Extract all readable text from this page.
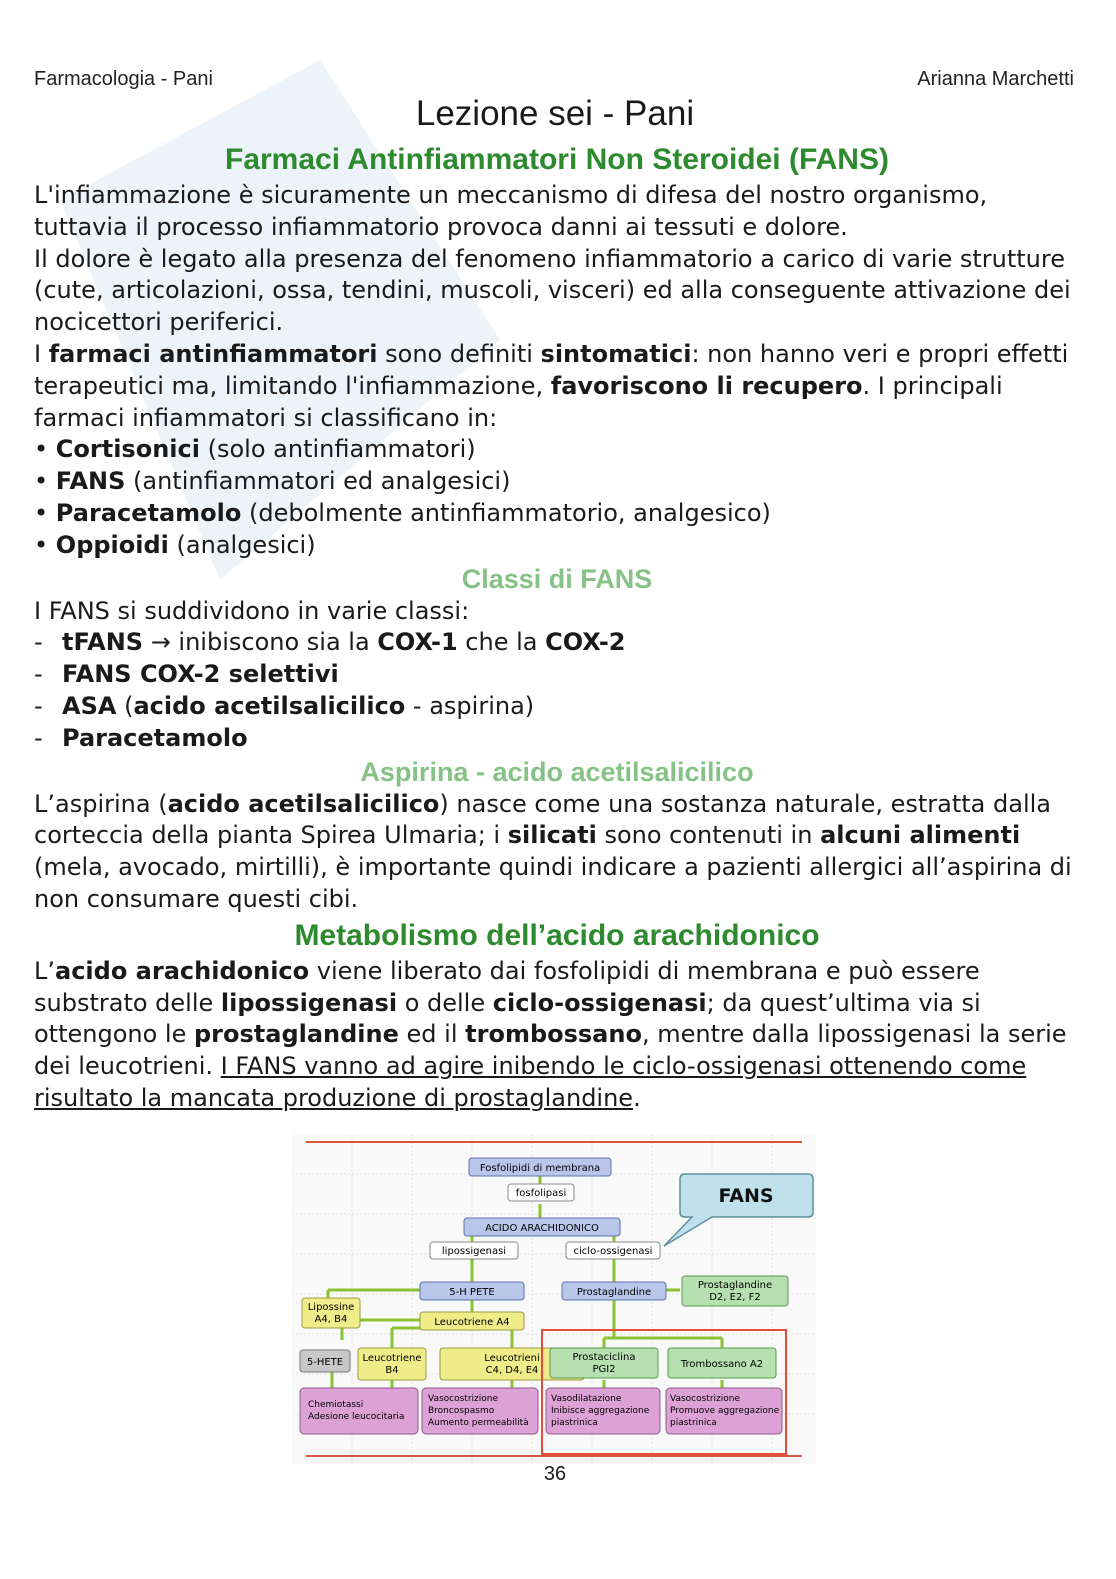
Farmacologia - Pani	Arianna Marchetti
Lezione sei - Pani
Farmaci Antinfiammatori Non Steroidei (FANS)

L'infiammazione è sicuramente un meccanismo di difesa del nostro organismo, tuttavia il processo infiammatorio provoca danni ai tessuti e dolore.

Il dolore è legato alla presenza del fenomeno infiammatorio a carico di varie strutture (cute, articolazioni, ossa, tendini, muscoli, visceri) ed alla conseguente attivazione dei nocicettori periferici.

I farmaci antinfiammatori sono definiti sintomatici: non hanno veri e propri effetti terapeutici ma, limitando l'infiammazione, favoriscono li recupero. I principali farmaci infiammatori si classificano in:

• Cortisonici (solo antinfiammatori)

• FANS (antinfiammatori ed analgesici)

• Paracetamolo (debolmente antinfiammatorio, analgesico)

• Oppioidi (analgesici)

Classi di FANS

I FANS si suddividono in varie classi:

- tFANS → inibiscono sia la COX-1 che la COX-2

- FANS COX-2 selettivi

- ASA (acido acetilsalicilico - aspirina)

- Paracetamolo

Aspirina - acido acetilsalicilico

L’aspirina (acido acetilsalicilico) nasce come una sostanza naturale, estratta dalla corteccia della pianta Spirea Ulmaria; i silicati sono contenuti in alcuni alimenti (mela, avocado, mirtilli), è importante quindi indicare a pazienti allergici all’aspirina di non consumare questi cibi.

Metabolismo dell’acido arachidonico

L’acido arachidonico viene liberato dai fosfolipidi di membrana e può essere substrato delle lipossigenasi o delle ciclo-ossigenasi; da quest’ultima via si ottengono le prostaglandine ed il trombossano, mentre dalla lipossigenasi la serie dei leucotrieni. I FANS vanno ad agire inibendo le ciclo-ossigenasi ottenendo come risultato la mancata produzione di prostaglandine.

FANS
Fosfolipidi di membrana
fosfolipasi
ACIDO ARACHIDONICO
lipossigenasi	ciclo-ossigenasi
5-H PETE	Prostaglandine
Prostaglandine
D2, E2, F2
Lipossine
A4, B4	Leucotriene A4
5-HETE Leucotriene
B4
Leucotrieni
C4, D4, E4
Prostaciclina
PGI2	Trombossano A2
Chemiotassi
Adesione leucocitaria
Vasocostrizione
Broncospasmo
Aumento permeabilità
Vasodilatazione
Inibisce aggregazione
piastrinica
Vasocostrizione
Promuove aggregazione
piastrinica
36
